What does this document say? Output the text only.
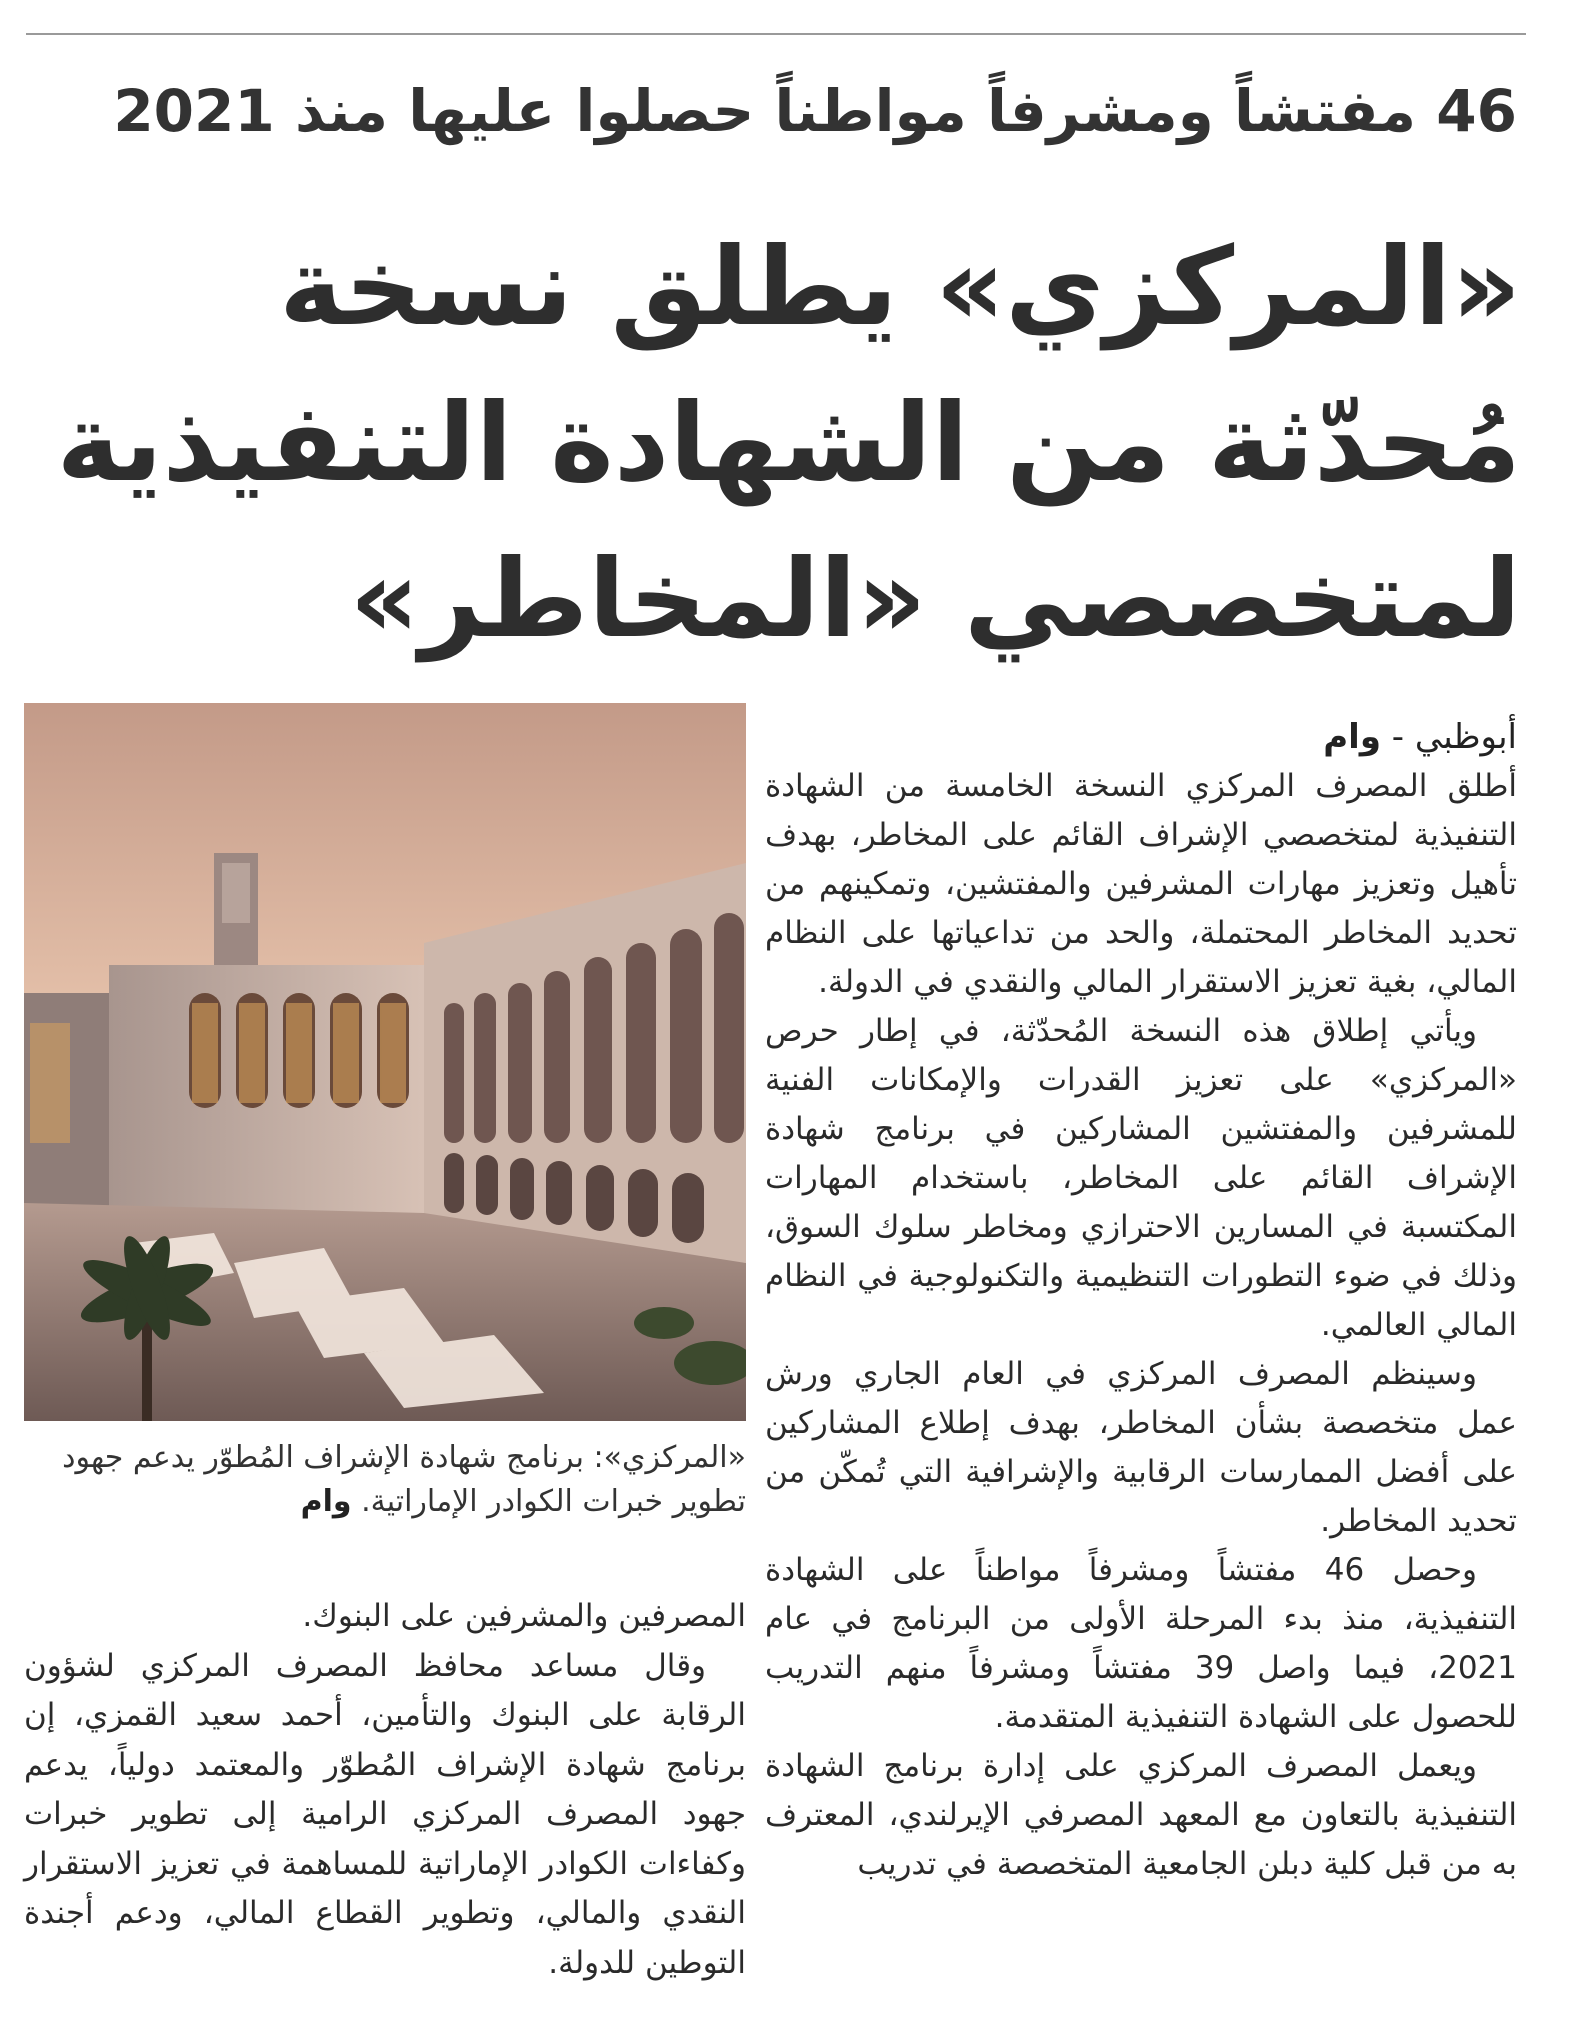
46 مفتشاً ومشرفاً مواطناً حصلوا عليها منذ 2021
«المركزي» يطلق نسخة
مُحدّثة من الشهادة التنفيذية
لمتخصصي «المخاطر»

«المركزي»: برنامج شهادة الإشراف المُطوّر يدعم جهود تطوير خبرات الكوادر الإماراتية. وام

أبوظبي - وام

أطلق المصرف المركزي النسخة الخامسة من الشهادة التنفيذية لمتخصصي الإشراف القائم على المخاطر، بهدف تأهيل وتعزيز مهارات المشرفين والمفتشين، وتمكينهم من تحديد المخاطر المحتملة، والحد من تداعياتها على النظام المالي، بغية تعزيز الاستقرار المالي والنقدي في الدولة.

ويأتي إطلاق هذه النسخة المُحدّثة، في إطار حرص «المركزي» على تعزيز القدرات والإمكانات الفنية للمشرفين والمفتشين المشاركين في برنامج شهادة الإشراف القائم على المخاطر، باستخدام المهارات المكتسبة في المسارين الاحترازي ومخاطر سلوك السوق، وذلك في ضوء التطورات التنظيمية والتكنولوجية في النظام المالي العالمي.

وسينظم المصرف المركزي في العام الجاري ورش عمل متخصصة بشأن المخاطر، بهدف إطلاع المشاركين على أفضل الممارسات الرقابية والإشرافية التي تُمكّن من تحديد المخاطر.

وحصل 46 مفتشاً ومشرفاً مواطناً على الشهادة التنفيذية، منذ بدء المرحلة الأولى من البرنامج في عام 2021، فيما واصل 39 مفتشاً ومشرفاً منهم التدريب للحصول على الشهادة التنفيذية المتقدمة.

ويعمل المصرف المركزي على إدارة برنامج الشهادة التنفيذية بالتعاون مع المعهد المصرفي الإيرلندي، المعترف به من قبل كلية دبلن الجامعية المتخصصة في تدريب

المصرفين والمشرفين على البنوك.

وقال مساعد محافظ المصرف المركزي لشؤون الرقابة على البنوك والتأمين، أحمد سعيد القمزي، إن برنامج شهادة الإشراف المُطوّر والمعتمد دولياً، يدعم جهود المصرف المركزي الرامية إلى تطوير خبرات وكفاءات الكوادر الإماراتية للمساهمة في تعزيز الاستقرار النقدي والمالي، وتطوير القطاع المالي، ودعم أجندة التوطين للدولة.
